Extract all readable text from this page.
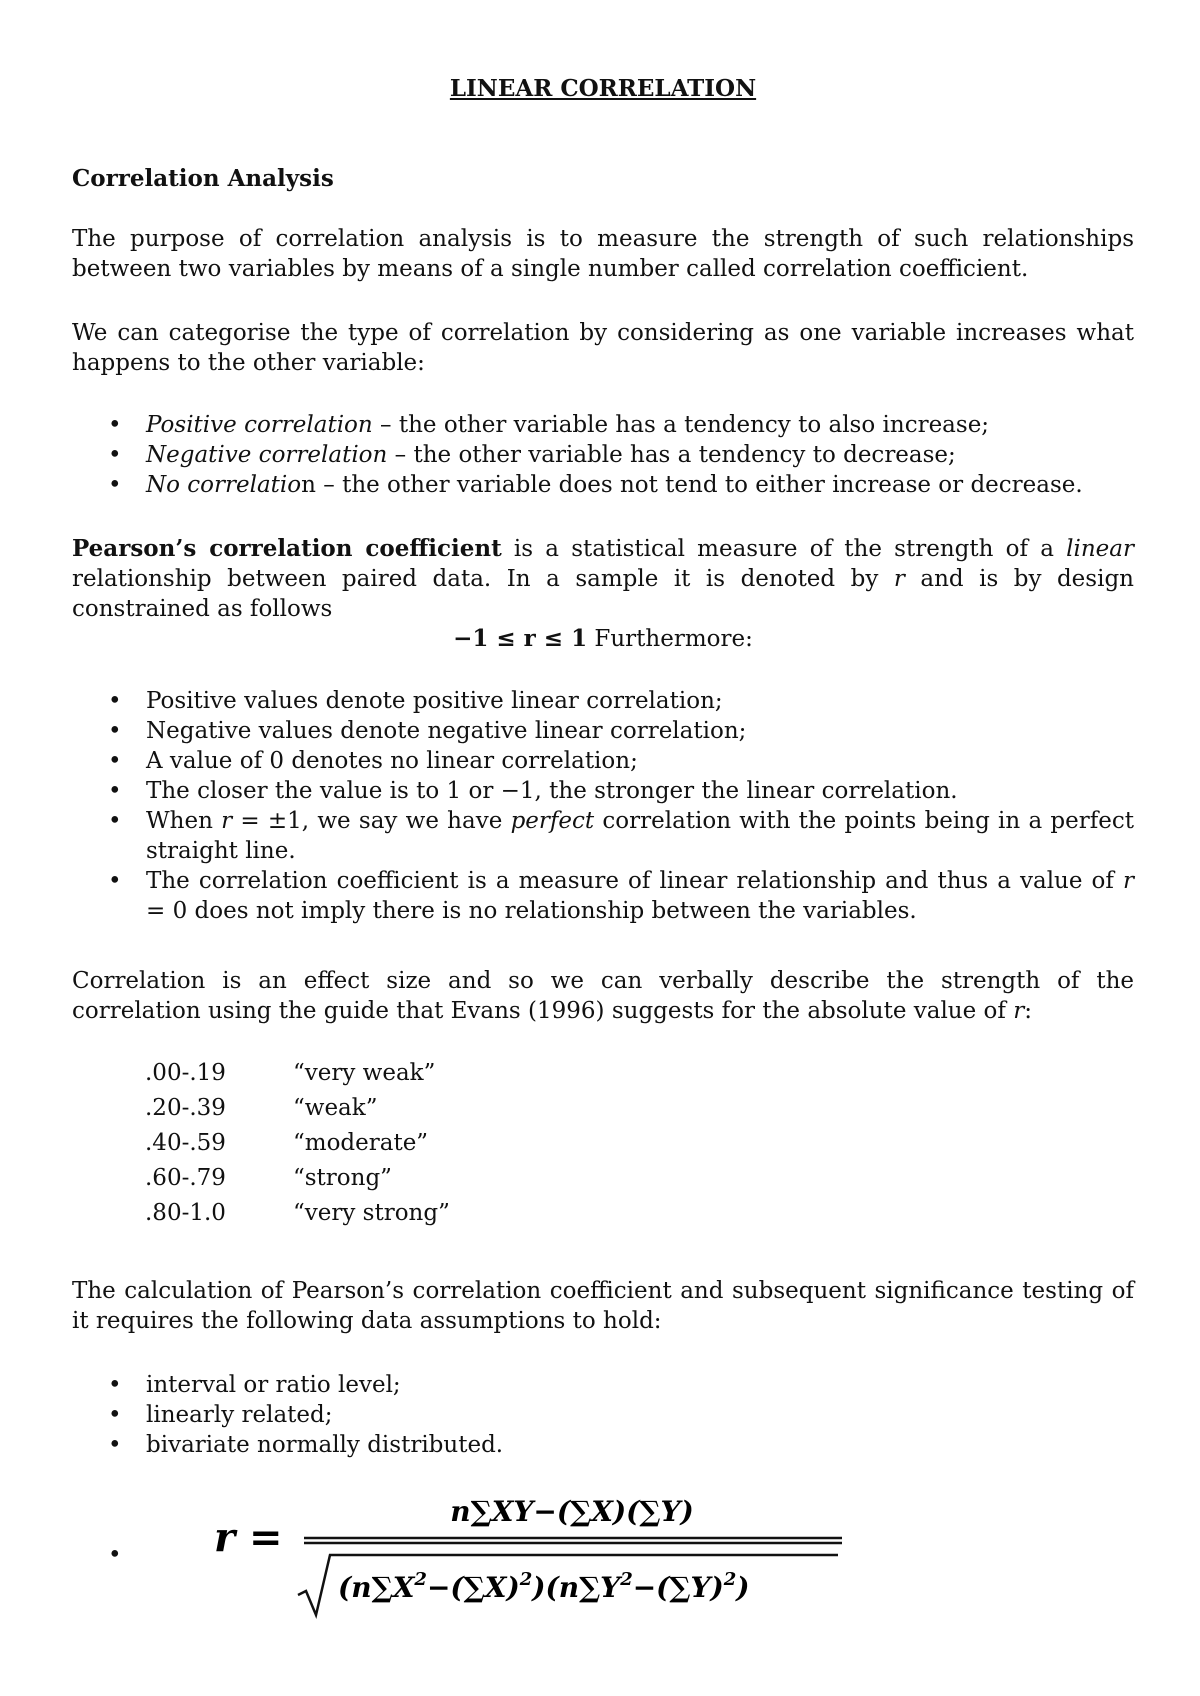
LINEAR CORRELATION
Correlation Analysis
The purpose of correlation analysis is to measure the strength of such relationships between two variables by means of a single number called correlation coefficient.
We can categorise the type of correlation by considering as one variable increases what happens to the other variable:
• Positive correlation – the other variable has a tendency to also increase;
• Negative correlation – the other variable has a tendency to decrease;
• No correlation – the other variable does not tend to either increase or decrease.
Pearson’s correlation coefficient is a statistical measure of the strength of a linear relationship between paired data. In a sample it is denoted by r and is by design constrained as follows
−1 ≤ r ≤ 1 Furthermore:
• Positive values denote positive linear correlation;
• Negative values denote negative linear correlation;
• A value of 0 denotes no linear correlation;
• The closer the value is to 1 or −1, the stronger the linear correlation.
• When r = ±1, we say we have perfect correlation with the points being in a perfect straight line.
• The correlation coefficient is a measure of linear relationship and thus a value of r = 0 does not imply there is no relationship between the variables.
Correlation is an effect size and so we can verbally describe the strength of the correlation using the guide that Evans (1996) suggests for the absolute value of r:
.00-.19	“very weak”
.20-.39	“weak”
.40-.59	“moderate”
.60-.79	“strong”
.80-1.0	“very strong”
The calculation of Pearson’s correlation coefficient and subsequent significance testing of it requires the following data assumptions to hold:
• interval or ratio level;
• linearly related;
• bivariate normally distributed.
• r =
n∑XY−(∑X)(∑Y)
$(n\sum X^2-(\sum X)^2)(n\sum Y^2-(\sum Y)^2)$
